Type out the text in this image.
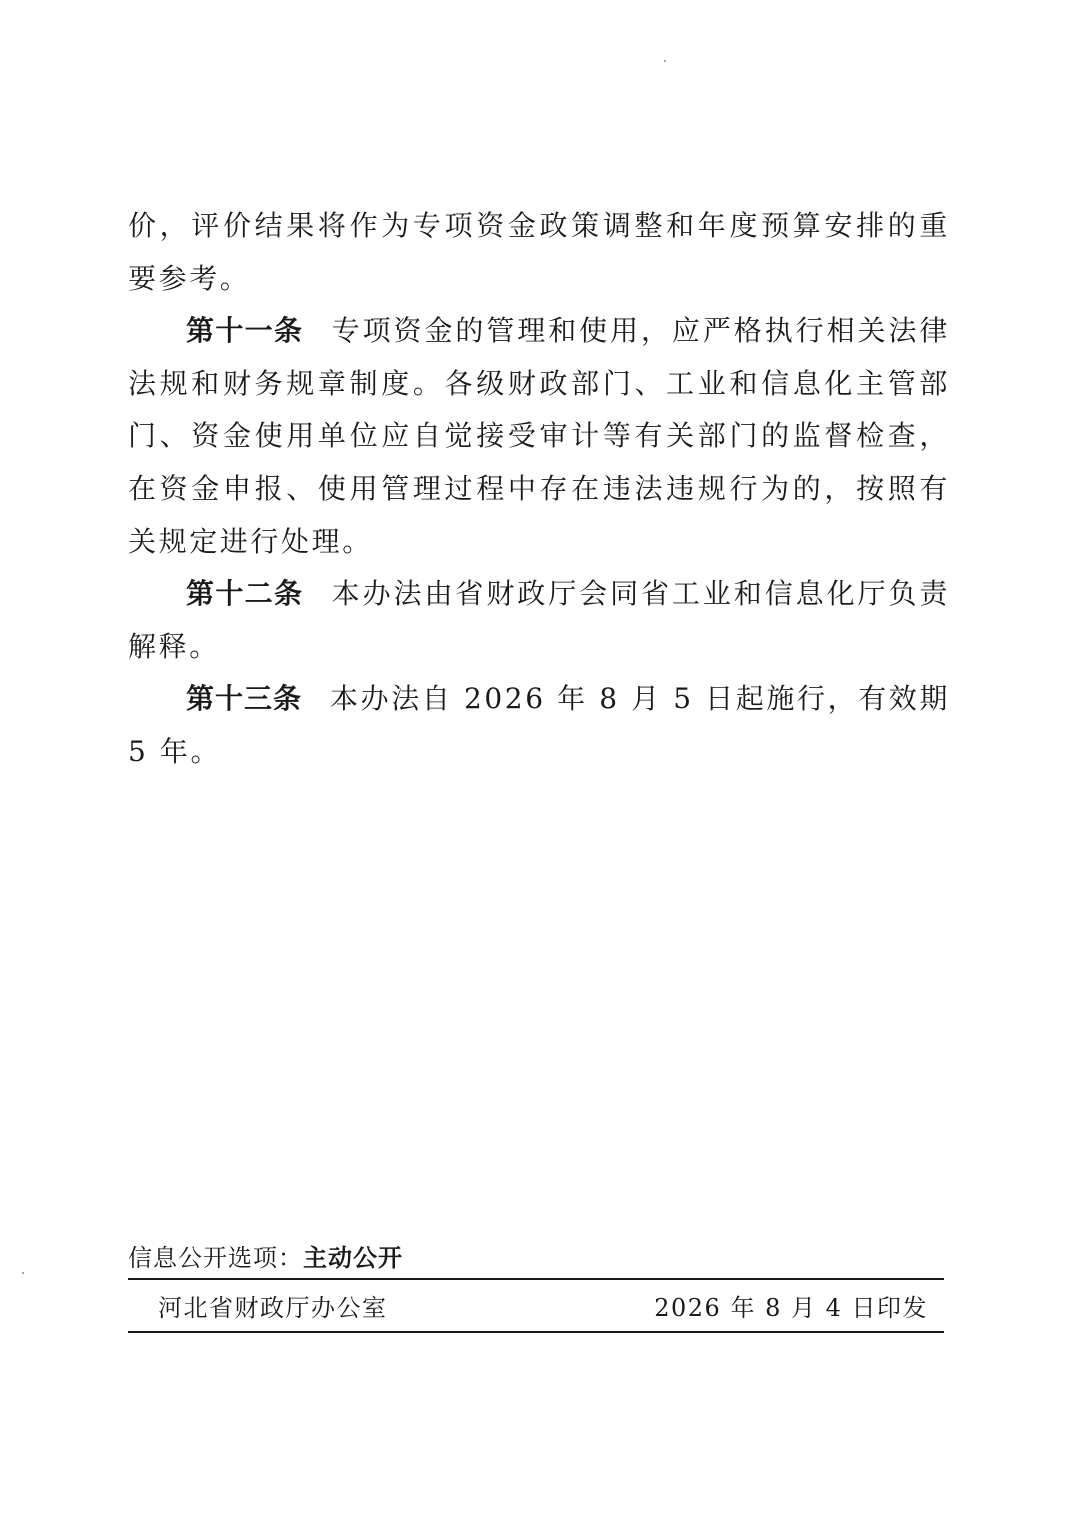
价，评价结果将作为专项资金政策调整和年度预算安排的重要参考。

第十一条 专项资金的管理和使用，应严格执行相关法律法规和财务规章制度。各级财政部门、工业和信息化主管部门、资金使用单位应自觉接受审计等有关部门的监督检查，在资金申报、使用管理过程中存在违法违规行为的，按照有关规定进行处理。

第十二条 本办法由省财政厅会同省工业和信息化厅负责解释。

第十三条 本办法自 2026 年 8 月 5 日起施行，有效期 5 年。

信息公开选项：主动公开
河北省财政厅办公室	2026 年 8 月 4 日印发
